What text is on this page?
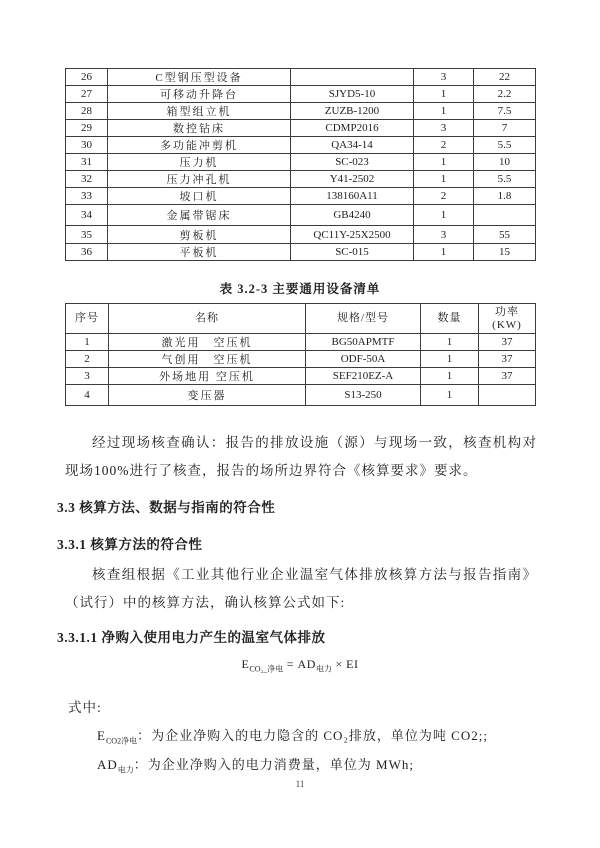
26	C型钢压型设备		3	22
27	可移动升降台	SJYD5-10	1	2.2
28	箱型组立机	ZUZB-1200	1	7.5
29	数控钻床	CDMP2016	3	7
30	多功能冲剪机	QA34-14	2	5.5
31	压力机	SC-023	1	10
32	压力冲孔机	Y41-2502	1	5.5
33	坡口机	138160A11	2	1.8
34	金属带锯床	GB4240	1	
35	剪板机	QC11Y-25X2500	3	55
36	平板机	SC-015	1	15
表 3.2-3 主要通用设备清单
序号	名称	规格/型号	数量	功率
(KW)

1	激光用　空压机	BG50APMTF	1	37
2	气创用　空压机	ODF-50A	1	37
3	外场地用 空压机	SEF210EZ-A	1	37
4	变压器	S13-250	1	

经过现场核查确认：报告的排放设施（源）与现场一致，核查机构对现场100%进行了核查，报告的场所边界符合《核算要求》要求。

3.3 核算方法、数据与指南的符合性
3.3.1 核算方法的符合性

核查组根据《工业其他行业企业温室气体排放核算方法与报告指南》（试行）中的核算方法，确认核算公式如下:

3.3.1.1 净购入使用电力产生的温室气体排放
$E_{CO_2\_净电} = AD_{电力}$ × EI
式中:
$E_{CO2净电}$：为企业净购入的电力隐含的 CO₂排放，单位为吨 CO2;;
$AD_{电力}$：为企业净购入的电力消费量，单位为 MWh;
11
